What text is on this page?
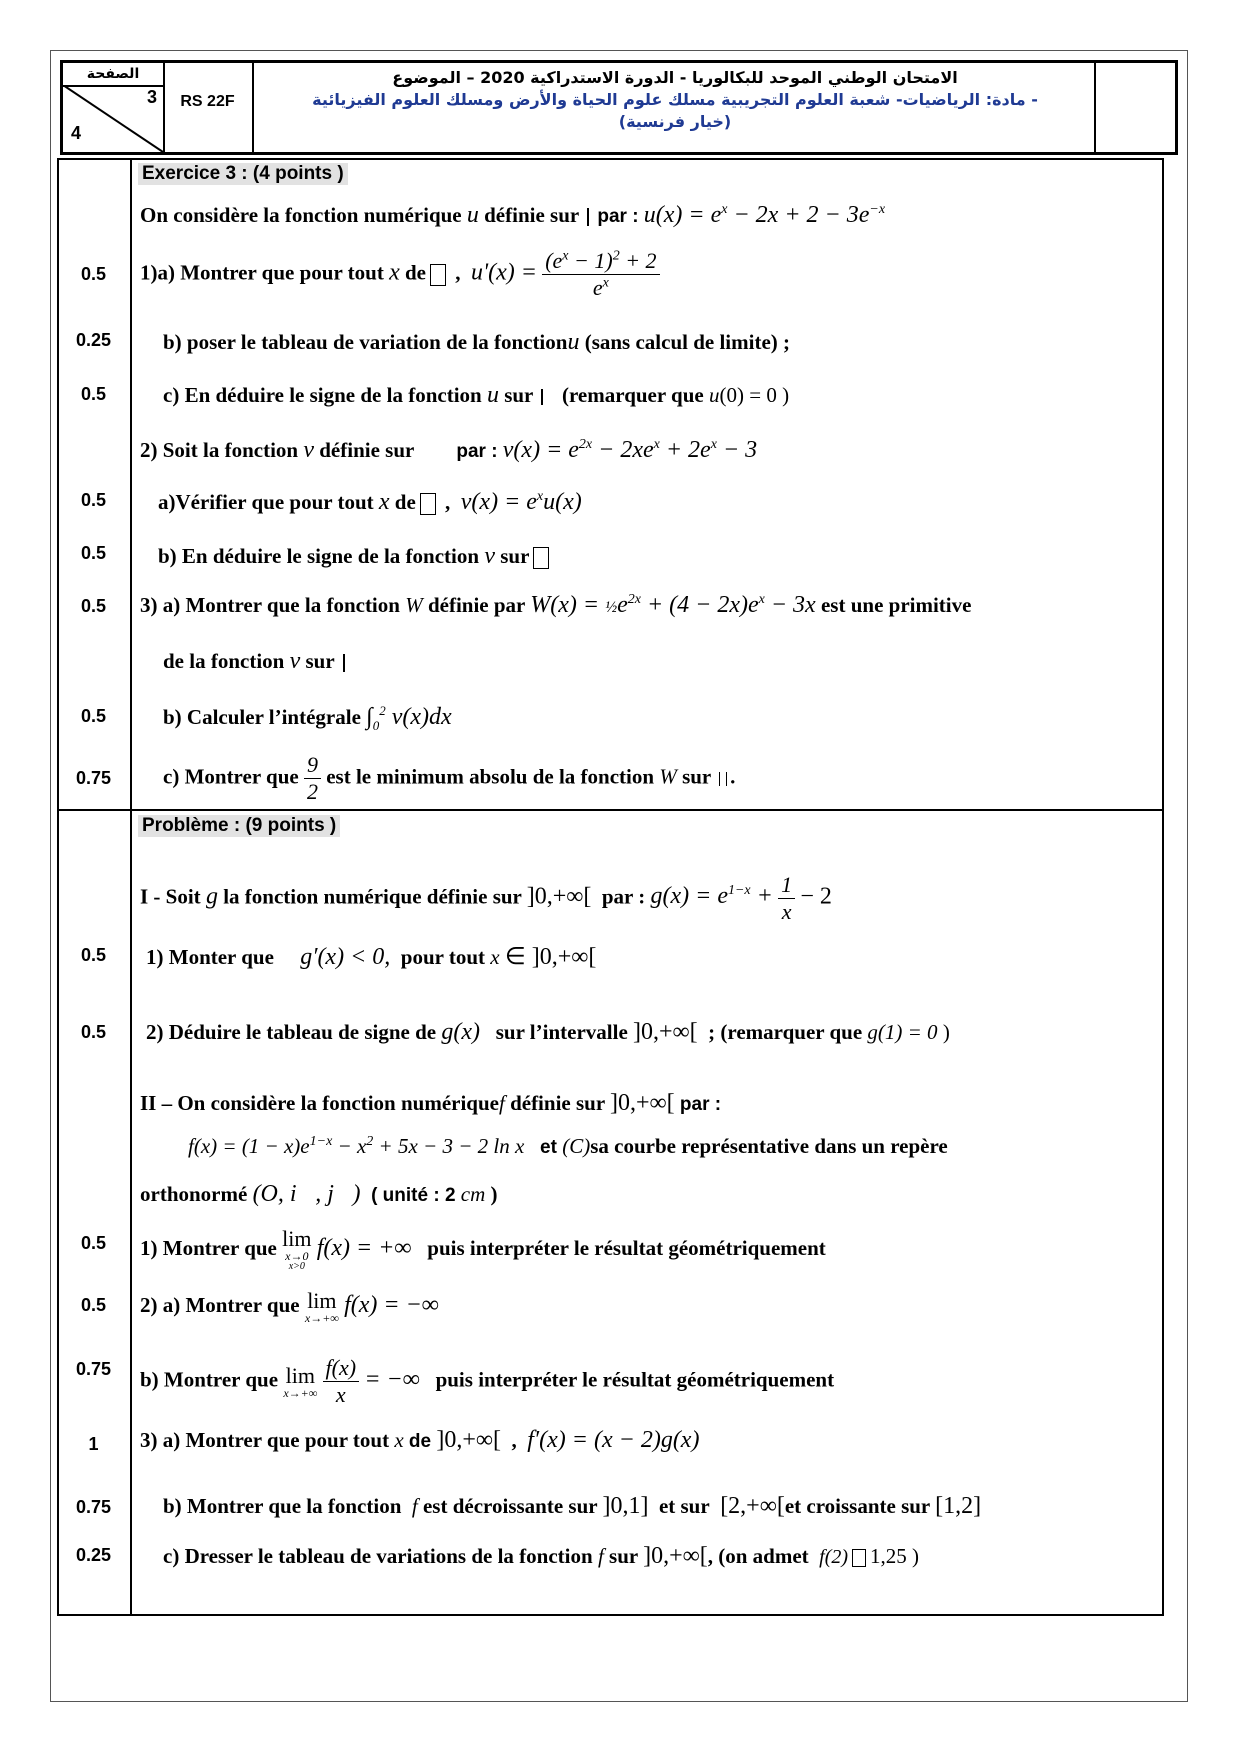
الصفحة
3
4
RS 22F
الامتحان الوطني الموحد للبكالوريا - الدورة الاستدراكية 2020 – الموضوع
- مادة: الرياضيات- شعبة العلوم التجريبية مسلك علوم الحياة والأرض ومسلك العلوم الفيزيائية
(خيار فرنسية)
0.5
0.25
0.5
0.5
0.5
0.5
0.5
0.75
0.5
0.5
0.5
0.5
0.75
1
0.75
0.25
Exercice 3 : (4 points )
On considère la fonction numérique u définie sur par : $u(x) = e^x - 2x + 2 - 3e^{-x}$
1)a) Montrer que pour tout x de ,  $u'(x) = \frac{(e^x - 1)^2 + 2}{e^x}$
b) poser le tableau de variation de la fonctionu (sans calcul de limite) ;
c) En déduire le signe de la fonction u sur (remarquer que u(0) = 0 )
2) Soit la fonction v définie sur par : $v(x) = e^{2x} - 2xe^x + 2e^x - 3$
a)Vérifier que pour tout x de ,  $v(x) = e^xu(x)$
b) En déduire le signe de la fonction v sur
3) a) Montrer que la fonction W définie par $W(x) = \frac{1}{2}e^{2x} + (4 - 2x)e^x - 3x$ est une primitive
de la fonction v sur
b) Calculer l’intégrale $\int_0^2$ v(x)dx
c) Montrer que $\frac{9}{2}$ est le minimum absolu de la fonction W sur .
Problème : (9 points )
I - Soit g la fonction numérique définie sur ]0,+∞[ par : $g(x) = e^{1-x} + \frac{1}{x} - 2$
1) Monter que g′(x) < 0, pour tout x ∈ ]0,+∞[
2) Déduire le tableau de signe de g(x) sur l’intervalle ]0,+∞[ ; (remarquer que g(1) = 0 )
II – On considère la fonction numériquef définie sur ]0,+∞[ par :
$f(x) = (1 - x)e^{1-x} - x^2 + 5x - 3 - 2$ ln x et (C)sa courbe représentative dans un repère
orthonormé (O, i⃗, j⃗) ( unité : 2 cm )
1) Montrer que lim
x→0
x>0
f(x) = +∞ puis interpréter le résultat géométriquement
2) a) Montrer que lim
x→+∞
f(x) = −∞
b) Montrer que lim
x→+∞
$\frac{f(x)}{x}$ = −∞ puis interpréter le résultat géométriquement
3) a) Montrer que pour tout x de ]0,+∞[  ,  f′(x) = (x − 2)g(x)
b) Montrer que la fonction f est décroissante sur ]0,1] et sur [2,+∞[et croissante sur [1,2]
c) Dresser le tableau de variations de la fonction f sur ]0,+∞[, (on admet f(2) 1,25 )
